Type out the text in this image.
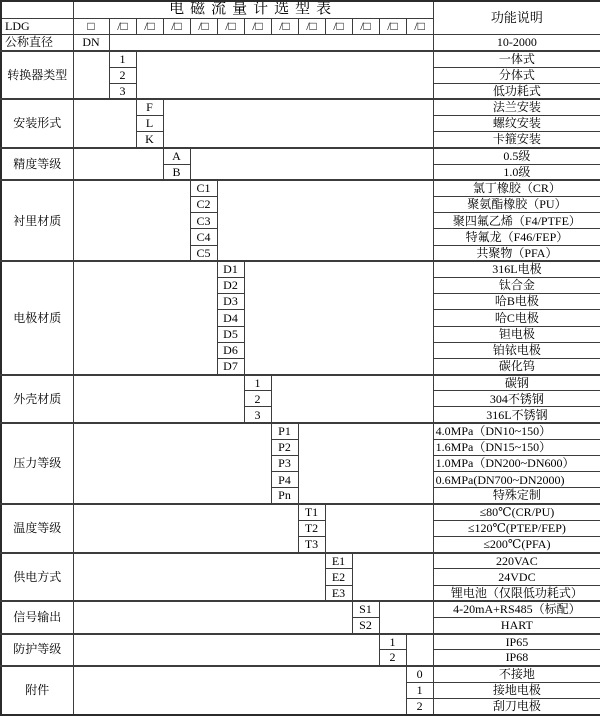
	电磁流量计选型表													功能说明
LDG	□	/□	/□	/□	/□	/□	/□	/□	/□	/□	/□	/□	/□	
公称直径	DN													10-2000
转换器类型		1												一体式
		2												分体式
		3												低功耗式
安装形式			F											法兰安装
			L											螺纹安装
			K											卡箍安装
精度等级				A										0.5级
				B										1.0级
衬里材质					C1									氯丁橡胶（CR）
					C2									聚氨酯橡胶（PU）
					C3									聚四氟乙烯（F4/PTFE）
					C4									特氟龙（F46/FEP）
					C5									共聚物（PFA）
电极材质						D1								316L电极
						D2								钛合金
						D3								哈B电极
						D4								哈C电极
						D5								钽电极
						D6								铂铱电极
						D7								碳化钨
外壳材质							1							碳钢
							2							304不锈钢
							3							316L不锈钢
压力等级								P1						4.0MPa（DN10~150）
								P2						1.6MPa（DN15~150）
								P3						1.0MPa（DN200~DN600）
								P4						0.6MPa(DN700~DN2000)
								Pn						特殊定制
温度等级									T1					≤80℃(CR/PU)
									T2					≤120℃(PTEP/FEP)
									T3					≤200℃(PFA)
供电方式										E1				220VAC
										E2				24VDC
										E3				锂电池（仅限低功耗式）
信号输出											S1			4-20mA+RS485（标配）
											S2			HART
防护等级												1		IP65
												2		IP68
附件													0	不接地
													1	接地电极
													2	刮刀电极
